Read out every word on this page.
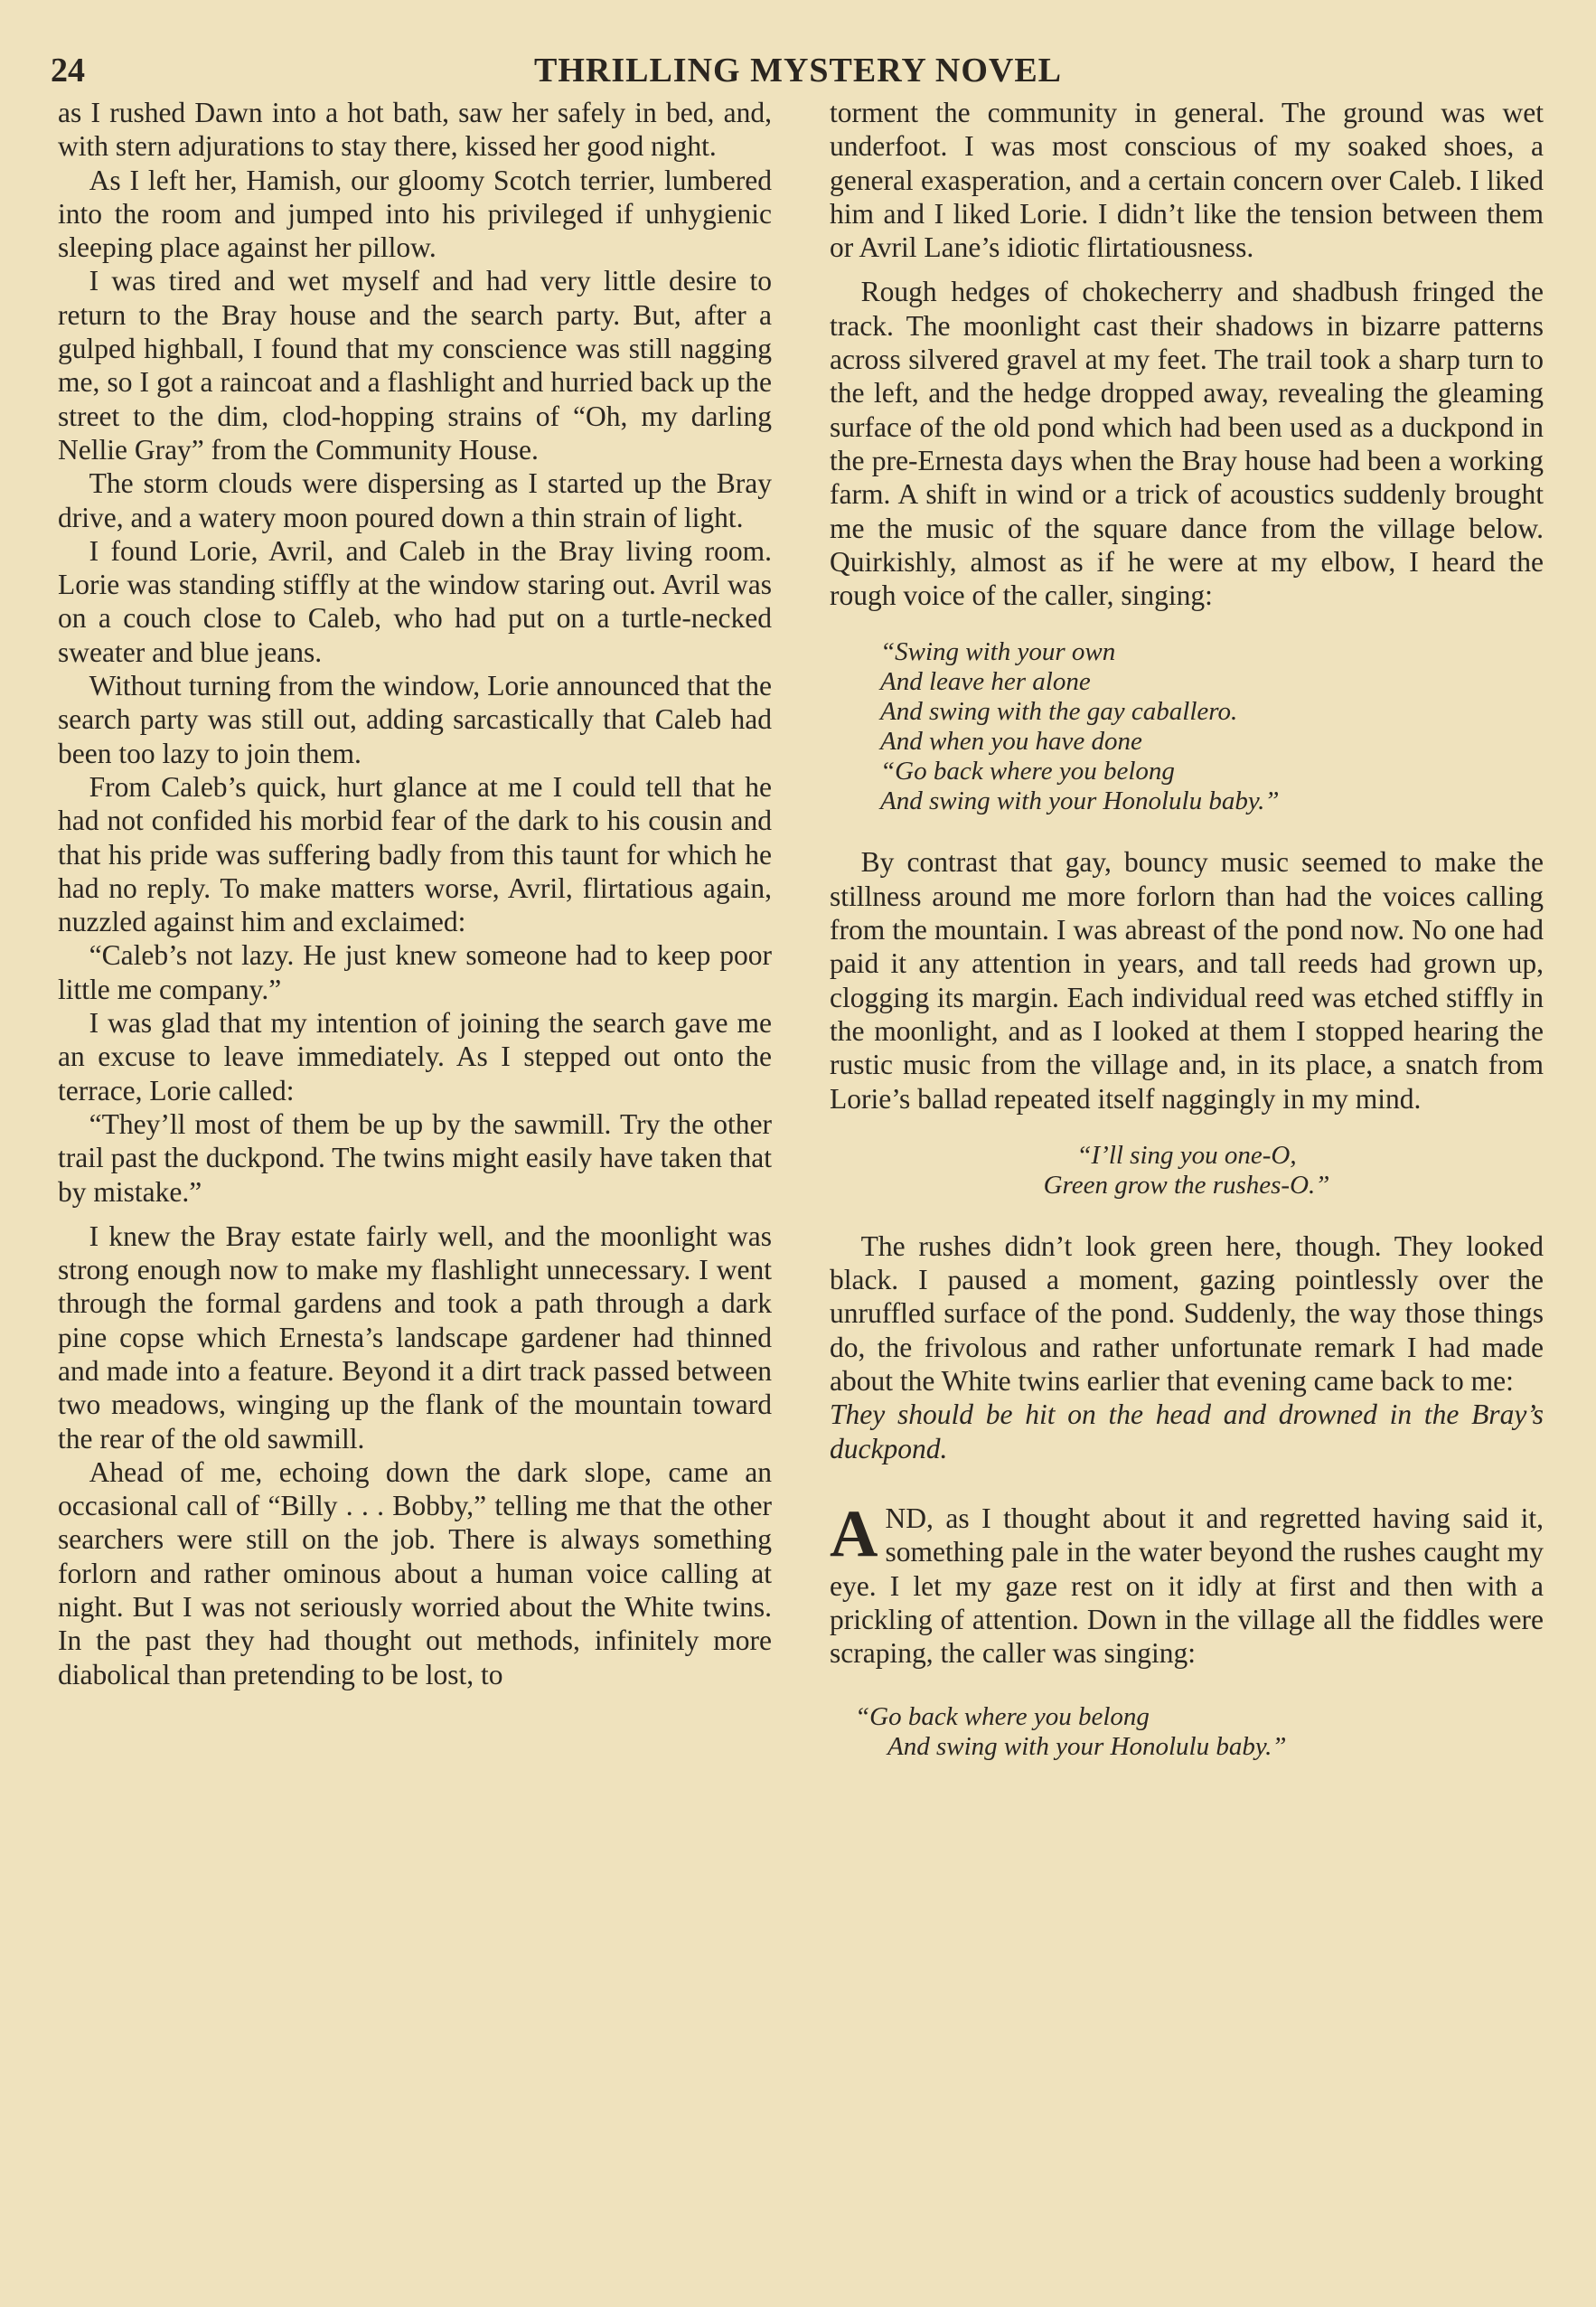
24	THRILLING MYSTERY NOVEL

as I rushed Dawn into a hot bath, saw her safely in bed, and, with stern adjurations to stay there, kissed her good night.

As I left her, Hamish, our gloomy Scotch terrier, lumbered into the room and jumped into his privileged if unhygienic sleeping place against her pillow.

I was tired and wet myself and had very little desire to return to the Bray house and the search party. But, after a gulped highball, I found that my conscience was still nagging me, so I got a raincoat and a flashlight and hurried back up the street to the dim, clod-hopping strains of “Oh, my darling Nellie Gray” from the Community House.

The storm clouds were dispersing as I started up the Bray drive, and a watery moon poured down a thin strain of light.

I found Lorie, Avril, and Caleb in the Bray living room. Lorie was standing stiffly at the window staring out. Avril was on a couch close to Caleb, who had put on a turtle-necked sweater and blue jeans.

Without turning from the window, Lorie announced that the search party was still out, adding sarcastically that Caleb had been too lazy to join them.

From Caleb’s quick, hurt glance at me I could tell that he had not confided his morbid fear of the dark to his cousin and that his pride was suffering badly from this taunt for which he had no reply. To make matters worse, Avril, flirtatious again, nuzzled against him and exclaimed:

“Caleb’s not lazy. He just knew someone had to keep poor little me company.”

I was glad that my intention of joining the search gave me an excuse to leave immediately. As I stepped out onto the terrace, Lorie called:

“They’ll most of them be up by the sawmill. Try the other trail past the duckpond. The twins might easily have taken that by mistake.”

I knew the Bray estate fairly well, and the moonlight was strong enough now to make my flashlight unnecessary. I went through the formal gardens and took a path through a dark pine copse which Ernesta’s landscape gardener had thinned and made into a feature. Beyond it a dirt track passed between two meadows, winging up the flank of the mountain toward the rear of the old sawmill.

Ahead of me, echoing down the dark slope, came an occasional call of “Billy . . . Bobby,” telling me that the other searchers were still on the job. There is always something forlorn and rather ominous about a human voice calling at night. But I was not seriously worried about the White twins. In the past they had thought out methods, infinitely more diabolical than pretending to be lost, to

torment the community in general. The ground was wet underfoot. I was most conscious of my soaked shoes, a general exasperation, and a certain concern over Caleb. I liked him and I liked Lorie. I didn’t like the tension between them or Avril Lane’s idiotic flirtatiousness.

Rough hedges of chokecherry and shadbush fringed the track. The moonlight cast their shadows in bizarre patterns across silvered gravel at my feet. The trail took a sharp turn to the left, and the hedge dropped away, revealing the gleaming surface of the old pond which had been used as a duckpond in the pre-Ernesta days when the Bray house had been a working farm. A shift in wind or a trick of acoustics suddenly brought me the music of the square dance from the village below. Quirkishly, almost as if he were at my elbow, I heard the rough voice of the caller, singing:

“Swing with your own
And leave her alone
And swing with the gay caballero.
And when you have done
“Go back where you belong
And swing with your Honolulu baby.”

By contrast that gay, bouncy music seemed to make the stillness around me more forlorn than had the voices calling from the mountain. I was abreast of the pond now. No one had paid it any attention in years, and tall reeds had grown up, clogging its margin. Each individual reed was etched stiffly in the moonlight, and as I looked at them I stopped hearing the rustic music from the village and, in its place, a snatch from Lorie’s ballad repeated itself naggingly in my mind.

“I’ll sing you one-O,
Green grow the rushes-O.”

The rushes didn’t look green here, though. They looked black. I paused a moment, gazing pointlessly over the unruffled surface of the pond. Suddenly, the way those things do, the frivolous and rather unfortunate remark I had made about the White twins earlier that evening came back to me:

They should be hit on the head and drowned in the Bray’s duckpond.

AND, as I thought about it and regretted having said it, something pale in the water beyond the rushes caught my eye. I let my gaze rest on it idly at first and then with a prickling of attention. Down in the village all the fiddles were scraping, the caller was singing:

“Go back where you belong
And swing with your Honolulu baby.”
